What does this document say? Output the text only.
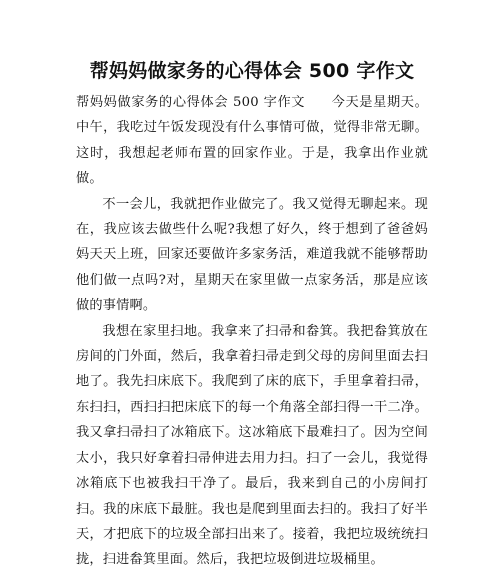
帮妈妈做家务的心得体会 500 字作文

帮妈妈做家务的心得体会 500 字作文 今天是星期天。中午，我吃过午饭发现没有什么事情可做，觉得非常无聊。这时，我想起老师布置的回家作业。于是，我拿出作业就做。

不一会儿，我就把作业做完了。我又觉得无聊起来。现在，我应该去做些什么呢?我想了好久，终于想到了爸爸妈妈天天上班，回家还要做许多家务活，难道我就不能够帮助他们做一点吗?对，星期天在家里做一点家务活，那是应该做的事情啊。

我想在家里扫地。我拿来了扫帚和畚箕。我把畚箕放在房间的门外面，然后，我拿着扫帚走到父母的房间里面去扫地了。我先扫床底下。我爬到了床的底下，手里拿着扫帚，东扫扫，西扫扫把床底下的每一个角落全部扫得一干二净。我又拿扫帚扫了冰箱底下。这冰箱底下最难扫了。因为空间太小，我只好拿着扫帚伸进去用力扫。扫了一会儿，我觉得冰箱底下也被我扫干净了。最后，我来到自己的小房间打扫。我的床底下最脏。我也是爬到里面去扫的。我扫了好半天，才把底下的垃圾全部扫出来了。接着，我把垃圾统统扫拢，扫进畚箕里面。然后，我把垃圾倒进垃圾桶里。
